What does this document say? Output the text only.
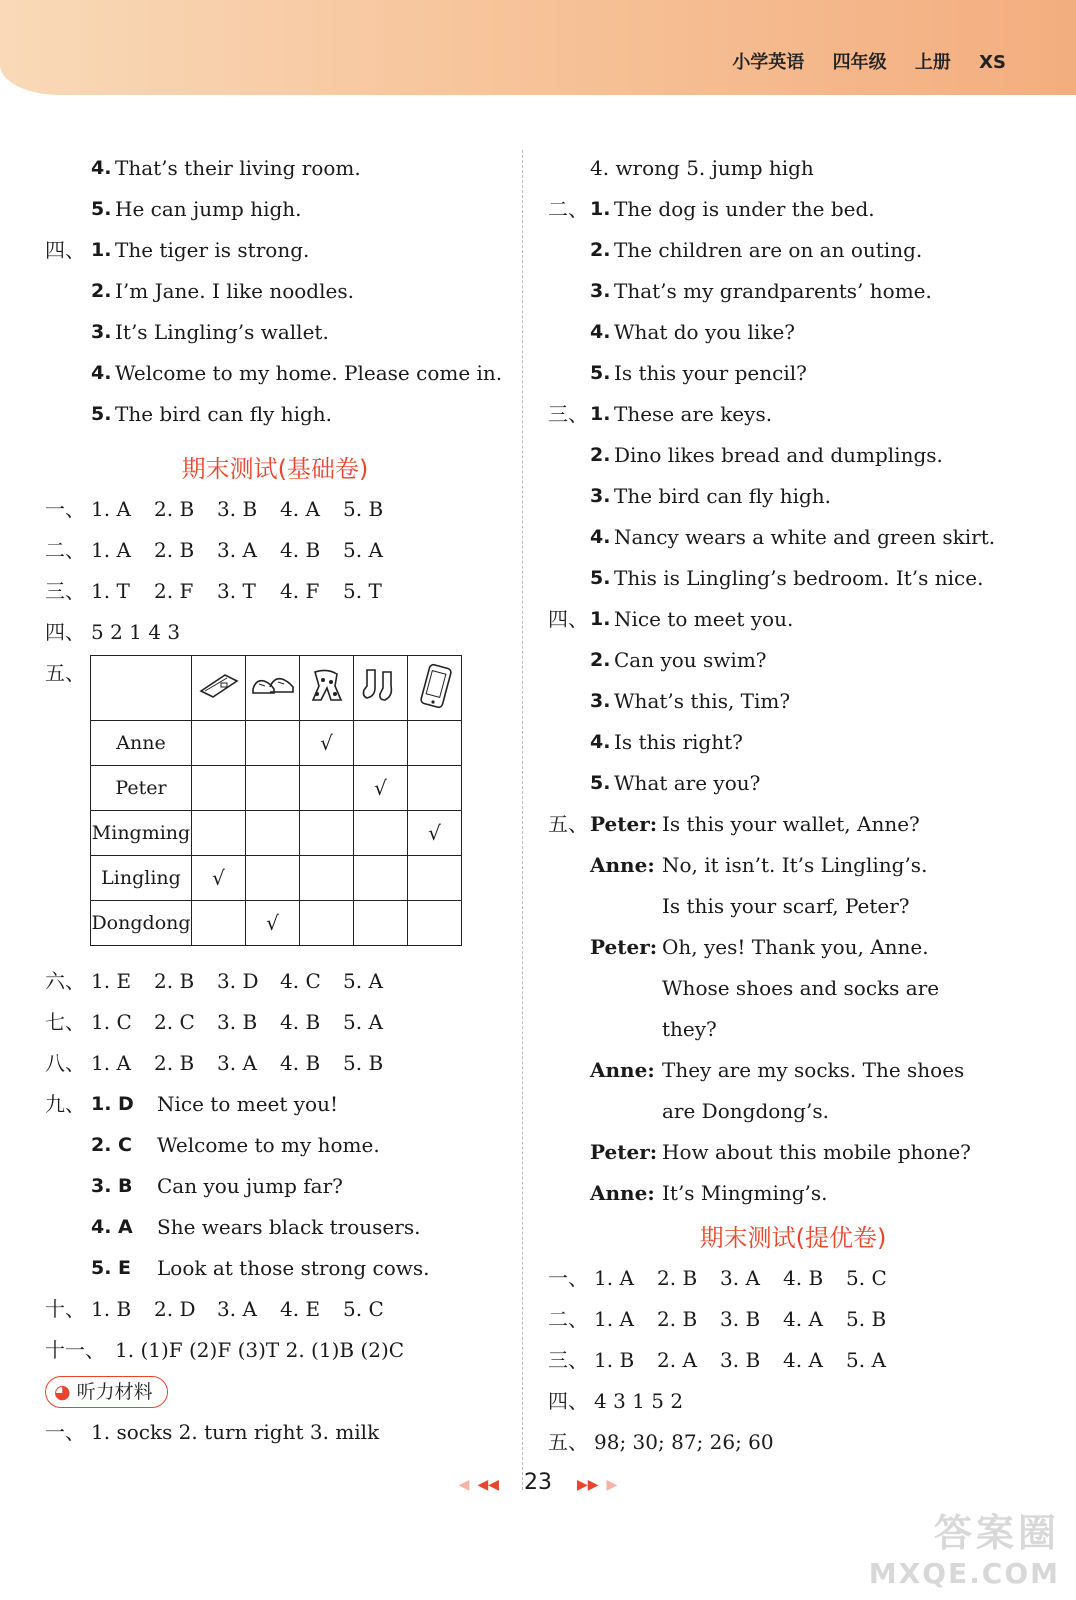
小学英语 四年级 上册 XS
4. That’s their living room.
5. He can jump high.
四、 1. The tiger is strong.
2. I’m Jane. I like noodles.
3. It’s Lingling’s wallet.
4. Welcome to my home. Please come in.
5. The bird can fly high.
期末测试(基础卷)
一、 1. A 2. B 3. B 4. A 5. B
二、 1. A 2. B 3. A 4. B 5. A
三、 1. T 2. F 3. T 4. F 5. T
四、 5 2 1 4 3
五、

Anne			√		
Peter				√	
Mingming					√
Lingling	√				
Dongdong		√			
六、 1. E 2. B 3. D 4. C 5. A
七、 1. C 2. C 3. B 4. B 5. A
八、 1. A 2. B 3. A 4. B 5. B
九、 1. D Nice to meet you!
2. C Welcome to my home.
3. B Can you jump far?
4. A She wears black trousers.
5. E Look at those strong cows.
十、 1. B 2. D 3. A 4. E 5. C
十一、 1. (1)F (2)F (3)T 2. (1)B (2)C
◕ 听力材料
一、 1. socks 2. turn right 3. milk
4. wrong 5. jump high
二、 1. The dog is under the bed.
2. The children are on an outing.
3. That’s my grandparents’ home.
4. What do you like?
5. Is this your pencil?
三、 1. These are keys.
2. Dino likes bread and dumplings.
3. The bird can fly high.
4. Nancy wears a white and green skirt.
5. This is Lingling’s bedroom. It’s nice.
四、 1. Nice to meet you.
2. Can you swim?
3. What’s this, Tim?
4. Is this right?
5. What are you?
五、 Peter: Is this your wallet, Anne?
Anne: No, it isn’t. It’s Lingling’s.
Is this your scarf, Peter?
Peter: Oh, yes! Thank you, Anne.
Whose shoes and socks are
they?
Anne: They are my socks. The shoes
are Dongdong’s.
Peter: How about this mobile phone?
Anne: It’s Mingming’s.
期末测试(提优卷)
一、 1. A 2. B 3. A 4. B 5. C
二、 1. A 2. B 3. B 4. A 5. B
三、 1. B 2. A 3. B 4. A 5. A
四、 4 3 1 5 2
五、 98; 30; 87; 26; 60
◀ ◀◀ 23 ▶▶ ▶
答案圈
MXQE.COM
